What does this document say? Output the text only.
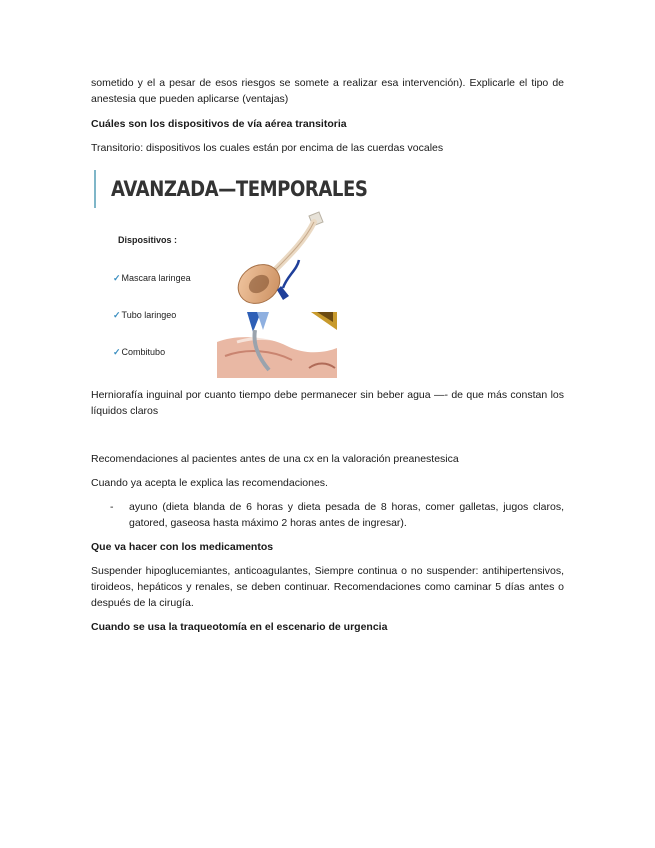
sometido y el a pesar de esos riesgos se somete a realizar esa intervención). Explicarle el tipo de anestesia que pueden aplicarse (ventajas)

Cuáles son los dispositivos de vía aérea transitoria

Transitorio: dispositivos los cuales están por encima de las cuerdas vocales

AVANZADA—TEMPORALES
Dispositivos :
✓Mascara laringea
✓Tubo laringeo
✓Combitubo

Herniorafía inguinal por cuanto tiempo debe permanecer sin beber agua —- de que más constan los líquidos claros

Recomendaciones al pacientes antes de una cx en la valoración preanestesica

Cuando ya acepta le explica las recomendaciones.

-	ayuno (dieta blanda de 6 horas y dieta pesada de 8 horas, comer galletas, jugos claros, gatored, gaseosa hasta máximo 2 horas antes de ingresar).

Que va hacer con los medicamentos

Suspender hipoglucemiantes, anticoagulantes, Siempre continua o no suspender: antihipertensivos, tiroideos, hepáticos y renales, se deben continuar. Recomendaciones como caminar 5 días antes o después de la cirugía.

Cuando se usa la traqueotomía en el escenario de urgencia
